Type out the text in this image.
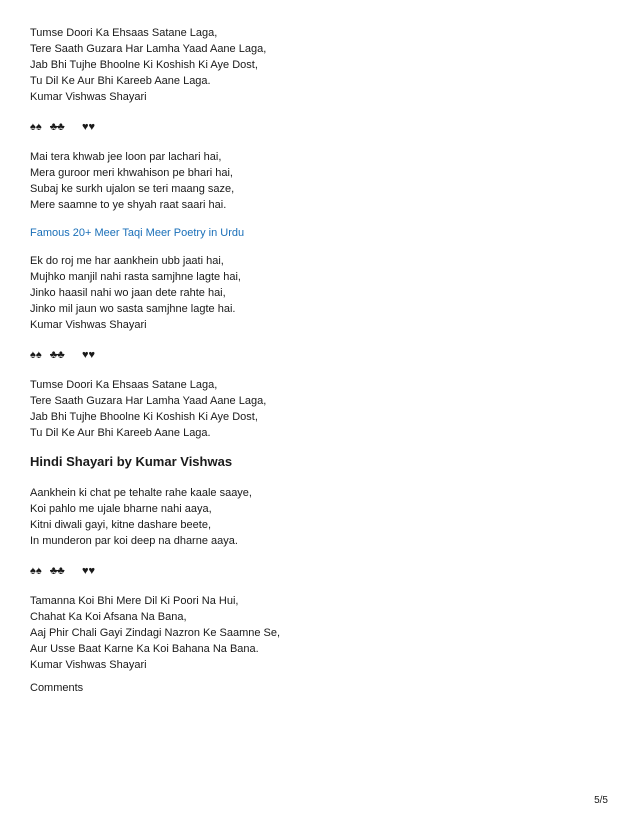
Tumse Doori Ka Ehsaas Satane Laga,
Tere Saath Guzara Har Lamha Yaad Aane Laga,
Jab Bhi Tujhe Bhoolne Ki Koshish Ki Aye Dost,
Tu Dil Ke Aur Bhi Kareeb Aane Laga.
Kumar Vishwas Shayari
♠♠ ♣♣ ♥♥
Mai tera khwab jee loon par lachari hai,
Mera guroor meri khwahison pe bhari hai,
Subaj ke surkh ujalon se teri maang saze,
Mere saamne to ye shyah raat saari hai.
Famous 20+ Meer Taqi Meer Poetry in Urdu
Ek do roj me har aankhein ubb jaati hai,
Mujhko manjil nahi rasta samjhne lagte hai,
Jinko haasil nahi wo jaan dete rahte hai,
Jinko mil jaun wo sasta samjhne lagte hai.
Kumar Vishwas Shayari
♠♠ ♣♣ ♥♥
Tumse Doori Ka Ehsaas Satane Laga,
Tere Saath Guzara Har Lamha Yaad Aane Laga,
Jab Bhi Tujhe Bhoolne Ki Koshish Ki Aye Dost,
Tu Dil Ke Aur Bhi Kareeb Aane Laga.
Hindi Shayari by Kumar Vishwas
Aankhein ki chat pe tehalte rahe kaale saaye,
Koi pahlo me ujale bharne nahi aaya,
Kitni diwali gayi, kitne dashare beete,
In munderon par koi deep na dharne aaya.
♠♠ ♣♣ ♥♥
Tamanna Koi Bhi Mere Dil Ki Poori Na Hui,
Chahat Ka Koi Afsana Na Bana,
Aaj Phir Chali Gayi Zindagi Nazron Ke Saamne Se,
Aur Usse Baat Karne Ka Koi Bahana Na Bana.
Kumar Vishwas Shayari
Comments
5/5
